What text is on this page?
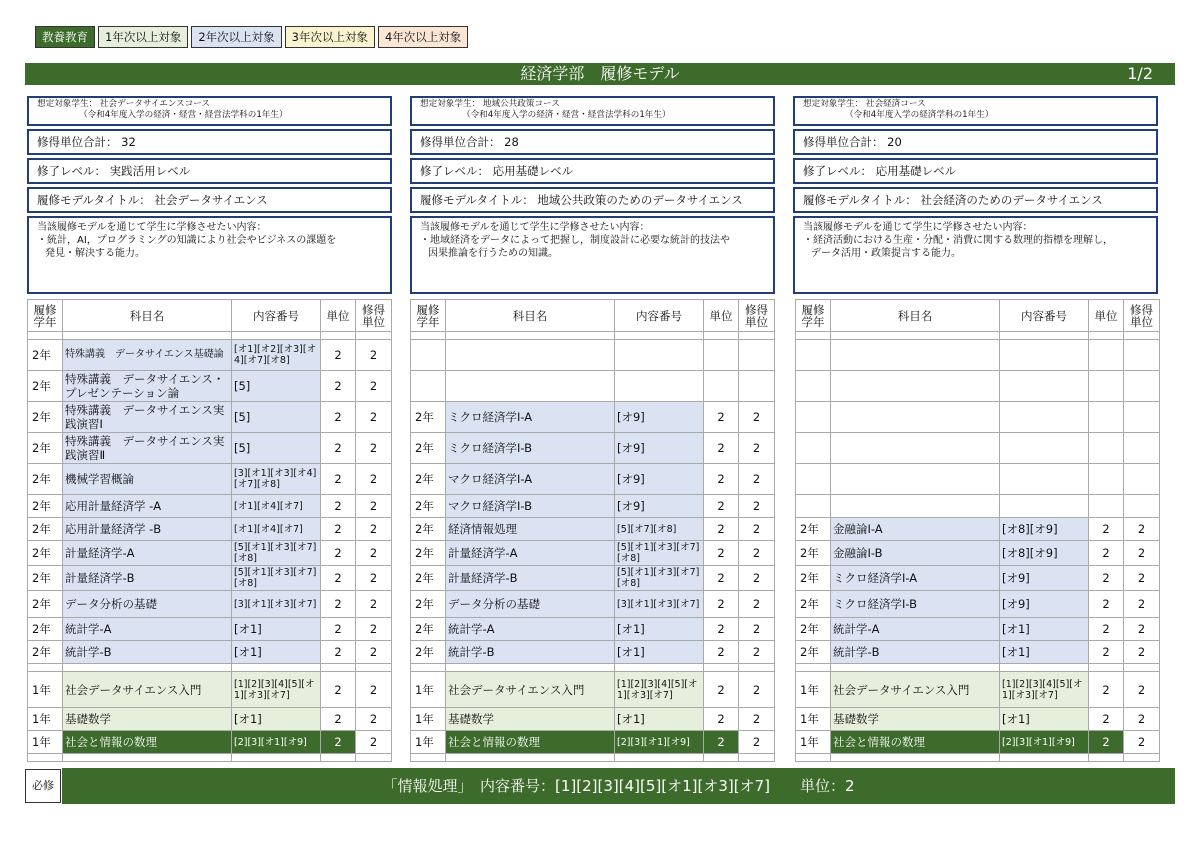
教養教育	1年次以上対象	2年次以上対象	3年次以上対象	4年次以上対象
経済学部　履修モデル	1/2
想定対象学生： 社会データサイエンスコース
（令和4年度入学の経済・経営・経営法学科の1年生）
修得単位合計： 32
修了レベル： 実践活用レベル
履修モデルタイトル： 社会データサイエンス
当該履修モデルを通じて学生に学修させたい内容：
・統計，AI，プログラミングの知識により社会やビジネスの課題を
発見・解決する能力。
想定対象学生： 地域公共政策コース
（令和4年度入学の経済・経営・経営法学科の1年生）
修得単位合計： 28
修了レベル： 応用基礎レベル
履修モデルタイトル： 地域公共政策のためのデータサイエンス
当該履修モデルを通じて学生に学修させたい内容：
・地域経済をデータによって把握し，制度設計に必要な統計的技法や
因果推論を行うための知識。
想定対象学生： 社会経済コース
（令和4年度入学の経済学科の1年生）
修得単位合計： 20
修了レベル： 応用基礎レベル
履修モデルタイトル： 社会経済のためのデータサイエンス
当該履修モデルを通じて学生に学修させたい内容：
・経済活動における生産・分配・消費に関する数理的指標を理解し，
データ活用・政策提言する能力。
履修学年	科目名	内容番号	単位	修得単位

2年	特殊講義　データサイエンス基礎論	[オ1][オ2][オ3][オ4][オ7][オ8]	2	2
2年	特殊講義　データサイエンス・プレゼンテーション論	[5]	2	2
2年	特殊講義　データサイエンス実践演習Ⅰ	[5]	2	2
2年	特殊講義　データサイエンス実践演習Ⅱ	[5]	2	2
2年	機械学習概論	[3][オ1][オ3][オ4][オ7][オ8]	2	2
2年	応用計量経済学 -A	[オ1][オ4][オ7]	2	2
2年	応用計量経済学 -B	[オ1][オ4][オ7]	2	2
2年	計量経済学-A	[5][オ1][オ3][オ7][オ8]	2	2
2年	計量経済学-B	[5][オ1][オ3][オ7][オ8]	2	2
2年	データ分析の基礎	[3][オ1][オ3][オ7]	2	2
2年	統計学-A	[オ1]	2	2
2年	統計学-B	[オ1]	2	2

1年	社会データサイエンス入門	[1][2][3][4][5][オ1][オ3][オ7]	2	2
1年	基礎数学	[オ1]	2	2
1年	社会と情報の数理	[2][3][オ1][オ9]	2	2

履修学年	科目名	内容番号	単位	修得単位

2年	ミクロ経済学Ⅰ-A	[オ9]	2	2
2年	ミクロ経済学Ⅰ-B	[オ9]	2	2
2年	マクロ経済学Ⅰ-A	[オ9]	2	2
2年	マクロ経済学Ⅰ-B	[オ9]	2	2
2年	経済情報処理	[5][オ7][オ8]	2	2
2年	計量経済学-A	[5][オ1][オ3][オ7][オ8]	2	2
2年	計量経済学-B	[5][オ1][オ3][オ7][オ8]	2	2
2年	データ分析の基礎	[3][オ1][オ3][オ7]	2	2
2年	統計学-A	[オ1]	2	2
2年	統計学-B	[オ1]	2	2

1年	社会データサイエンス入門	[1][2][3][4][5][オ1][オ3][オ7]	2	2
1年	基礎数学	[オ1]	2	2
1年	社会と情報の数理	[2][3][オ1][オ9]	2	2

履修学年	科目名	内容番号	単位	修得単位

2年	金融論Ⅰ-A	[オ8][オ9]	2	2
2年	金融論Ⅰ-B	[オ8][オ9]	2	2
2年	ミクロ経済学Ⅰ-A	[オ9]	2	2
2年	ミクロ経済学Ⅰ-B	[オ9]	2	2
2年	統計学-A	[オ1]	2	2
2年	統計学-B	[オ1]	2	2

1年	社会データサイエンス入門	[1][2][3][4][5][オ1][オ3][オ7]	2	2
1年	基礎数学	[オ1]	2	2
1年	社会と情報の数理	[2][3][オ1][オ9]	2	2

必修	「情報処理」　内容番号：[1][2][3][4][5][オ1][オ3][オ7]　　単位：2
